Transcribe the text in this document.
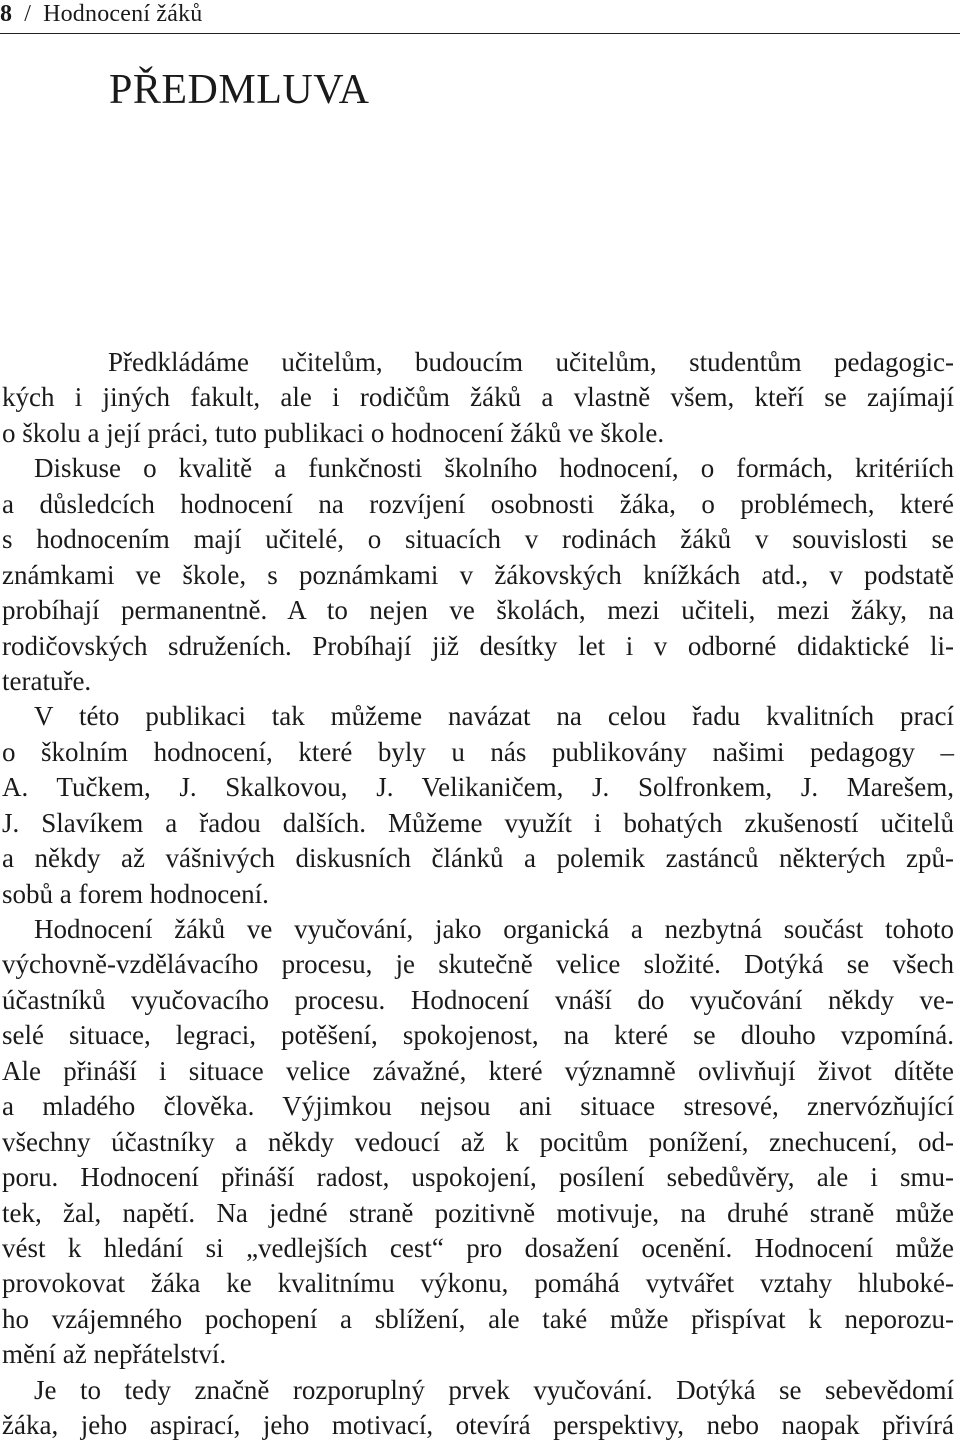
8 / Hodnocení žáků
PŘEDMLUVA
Předkládáme učitelům, budoucím učitelům, studentům pedagogic-
kých i jiných fakult, ale i rodičům žáků a vlastně všem, kteří se zajímají
o školu a její práci, tuto publikaci o hodnocení žáků ve škole.
Diskuse o kvalitě a funkčnosti školního hodnocení, o formách, kritériích
a důsledcích hodnocení na rozvíjení osobnosti žáka, o problémech, které
s hodnocením mají učitelé, o situacích v rodinách žáků v souvislosti se
známkami ve škole, s poznámkami v žákovských knížkách atd., v podstatě
probíhají permanentně. A to nejen ve školách, mezi učiteli, mezi žáky, na
rodičovských sdruženích. Probíhají již desítky let i v odborné didaktické li-
teratuře.
V této publikaci tak můžeme navázat na celou řadu kvalitních prací
o školním hodnocení, které byly u nás publikovány našimi pedagogy –
A. Tučkem, J. Skalkovou, J. Velikaničem, J. Solfronkem, J. Marešem,
J. Slavíkem a řadou dalších. Můžeme využít i bohatých zkušeností učitelů
a někdy až vášnivých diskusních článků a polemik zastánců některých způ-
sobů a forem hodnocení.
Hodnocení žáků ve vyučování, jako organická a nezbytná součást tohoto
výchovně-vzdělávacího procesu, je skutečně velice složité. Dotýká se všech
účastníků vyučovacího procesu. Hodnocení vnáší do vyučování někdy ve-
selé situace, legraci, potěšení, spokojenost, na které se dlouho vzpomíná.
Ale přináší i situace velice závažné, které významně ovlivňují život dítěte
a mladého člověka. Výjimkou nejsou ani situace stresové, znervózňující
všechny účastníky a někdy vedoucí až k pocitům ponížení, znechucení, od-
poru. Hodnocení přináší radost, uspokojení, posílení sebedůvěry, ale i smu-
tek, žal, napětí. Na jedné straně pozitivně motivuje, na druhé straně může
vést k hledání si „vedlejších cest“ pro dosažení ocenění. Hodnocení může
provokovat žáka ke kvalitnímu výkonu, pomáhá vytvářet vztahy hluboké-
ho vzájemného pochopení a sblížení, ale také může přispívat k neporozu-
mění až nepřátelství.
Je to tedy značně rozporuplný prvek vyučování. Dotýká se sebevědomí
žáka, jeho aspirací, jeho motivací, otevírá perspektivy, nebo naopak přivírá
